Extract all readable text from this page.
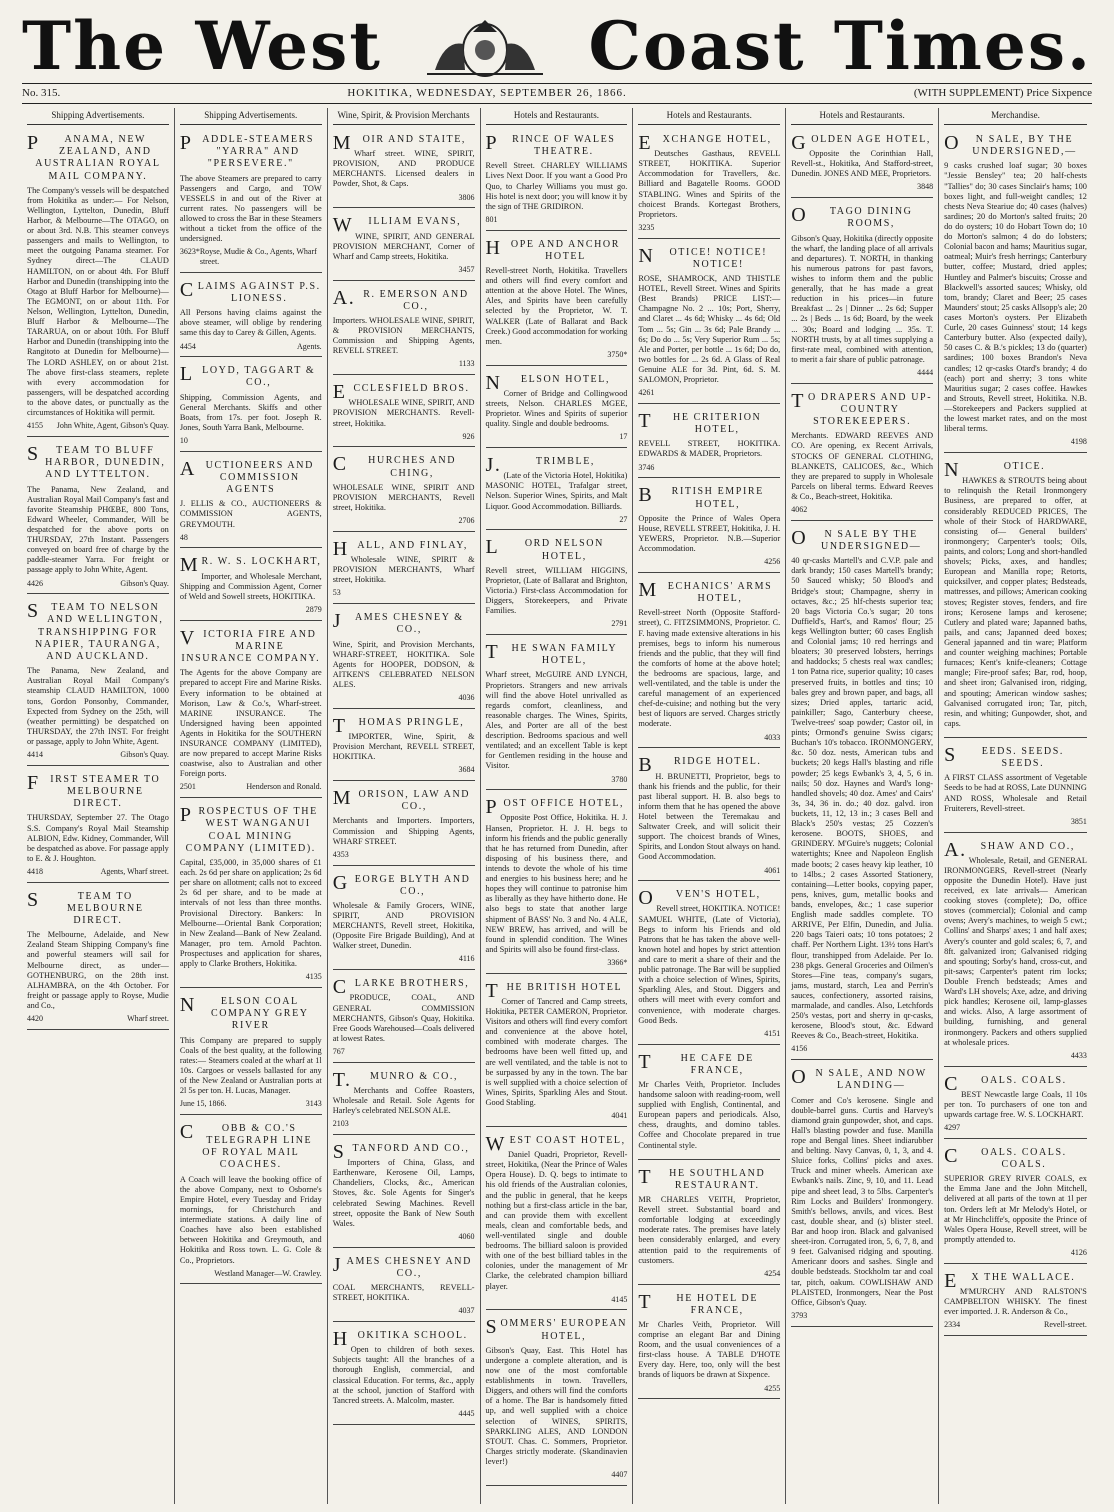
The West	Coast Times.
No. 315.	HOKITIKA, WEDNESDAY, SEPTEMBER 26, 1866.	(WITH SUPPLEMENT) Price Sixpence
Shipping Advertisements.
PANAMA, NEW ZEALAND, AND AUSTRALIAN ROYAL MAIL COMPANY.
The Company's vessels will be despatched from Hokitika as under:— For Nelson, Wellington, Lyttelton, Dunedin, Bluff Harbor, & Melbourne—The OTAGO, on or about 3rd. N.B. This steamer conveys passengers and mails to Wellington, to meet the outgoing Panama steamer. For Sydney direct—The CLAUD HAMILTON, on or about 4th. For Bluff Harbor and Dunedin (transhipping into the Otago at Bluff Harbor for Melbourne)—The EGMONT, on or about 11th. For Nelson, Wellington, Lyttelton, Dunedin, Bluff Harbor & Melbourne—The TARARUA, on or about 10th. For Bluff Harbor and Dunedin (transhipping into the Rangitoto at Dunedin for Melbourne)—The LORD ASHLEY, on or about 21st. The above first-class steamers, replete with every accommodation for passengers, will be despatched according to the above dates, or punctually as the circumstances of Hokitika will permit.
4155 John White, Agent, Gibson's Quay.
STEAM TO BLUFF HARBOR, DUNEDIN, AND LYTTELTON.
The Panama, New Zealand, and Australian Royal Mail Company's fast and favorite Steamship PHŒBE, 800 Tons, Edward Wheeler, Commander, Will be despatched for the above ports on THURSDAY, 27th Instant. Passengers conveyed on board free of charge by the paddle-steamer Yarra. For freight or passage apply to John White, Agent.
4426	Gibson's Quay.
STEAM TO NELSON AND WELLINGTON, TRANSHIPPING FOR NAPIER, TAURANGA, AND AUCKLAND.
The Panama, New Zealand, and Australian Royal Mail Company's steamship CLAUD HAMILTON, 1000 tons, Gordon Ponsonby, Commander, Expected from Sydney on the 25th, will (weather permitting) be despatched on THURSDAY, the 27th INST. For freight or passage, apply to John White, Agent.
4414	Gibson's Quay.
FIRST STEAMER TO MELBOURNE DIRECT.
THURSDAY, September 27. The Otago S.S. Company's Royal Mail Steamship ALBION, Edw. Kidney, Commander, Will be despatched as above. For passage apply to E. & J. Houghton.
4418	Agents, Wharf street.
STEAM TO MELBOURNE DIRECT.
The Melbourne, Adelaide, and New Zealand Steam Shipping Company's fine and powerful steamers will sail for Melbourne direct, as under— GOTHENBURG, on the 28th inst. ALHAMBRA, on the 4th October. For freight or passage apply to Royse, Mudie and Co.,
4420	Wharf street.
Shipping Advertisements.
PADDLE-STEAMERS "YARRA" AND "PERSEVERE."
The above Steamers are prepared to carry Passengers and Cargo, and TOW VESSELS in and out of the River at current rates. No passengers will be allowed to cross the Bar in these Steamers without a ticket from the office of the undersigned.
3623* Royse, Mudie & Co., Agents, Wharf street.
CLAIMS AGAINST P.S. LIONESS.
All Persons having claims against the above steamer, will oblige by rendering same this day to Carey & Gillen, Agents.
4454	Agents.
LLOYD, TAGGART & CO.,
Shipping, Commission Agents, and General Merchants. Skiffs and other Boats, from 17s. per foot. Joseph R. Jones, South Yarra Bank, Melbourne.
10
AUCTIONEERS AND COMMISSION AGENTS
J. ELLIS & CO., AUCTIONEERS & COMMISSION AGENTS, GREYMOUTH.
48
MR. W. S. LOCKHART,
Importer, and Wholesale Merchant, Shipping and Commission Agent, Corner of Weld and Sowell streets, HOKITIKA.
2879
VICTORIA FIRE AND MARINE INSURANCE COMPANY.
The Agents for the above Company are prepared to accept Fire and Marine Risks. Every information to be obtained at Morison, Law & Co.'s, Wharf-street. MARINE INSURANCE. The Undersigned having been appointed Agents in Hokitika for the SOUTHERN INSURANCE COMPANY (LIMITED), are now prepared to accept Marine Risks coastwise, also to Australian and other Foreign ports.
2501	Henderson and Ronald.
PROSPECTUS OF THE WEST WANGANUI COAL MINING COMPANY (LIMITED).
Capital, £35,000, in 35,000 shares of £1 each. 2s 6d per share on application; 2s 6d per share on allotment; calls not to exceed 2s 6d per share, and to be made at intervals of not less than three months. Provisional Directory. Bankers: In Melbourne—Oriental Bank Corporation; in New Zealand—Bank of New Zealand. Manager, pro tem. Arnold Pachton. Prospectuses and application for shares, apply to Clarke Brothers, Hokitika.
4135
NELSON COAL COMPANY GREY RIVER
This Company are prepared to supply Coals of the best quality, at the following rates:— Steamers coaled at the wharf at 1l 10s. Cargoes or vessels ballasted for any of the New Zealand or Australian ports at 2l 5s per ton. H. Lucas, Manager.
June 15, 1866.	3143
COBB & CO.'S TELEGRAPH LINE OF ROYAL MAIL COACHES.
A Coach will leave the booking office of the above Company, next to Osborne's Empire Hotel, every Tuesday and Friday mornings, for Christchurch and intermediate stations. A daily line of Coaches have also been established between Hokitika and Greymouth, and Hokitika and Ross town. L. G. Cole & Co., Proprietors.
Westland Manager—W. Crawley.
Wine, Spirit, & Provision Merchants
MOIR AND STAITE,
Wharf street. WINE, SPIRIT, PROVISION, AND PRODUCE MERCHANTS. Licensed dealers in Powder, Shot, & Caps.
3806
WILLIAM EVANS,
WINE, SPIRIT, AND GENERAL PROVISION MERCHANT, Corner of Wharf and Camp streets, Hokitika.
3457
A.R. EMERSON AND CO.,
Importers. WHOLESALE WINE, SPIRIT, & PROVISION MERCHANTS, Commission and Shipping Agents, REVELL STREET.
1133
ECCLESFIELD BROS.
WHOLESALE WINE, SPIRIT, AND PROVISION MERCHANTS. Revell-street, Hokitika.
926
CHURCHES AND CHING,
WHOLESALE WINE, SPIRIT AND PROVISION MERCHANTS, Revell street, Hokitika.
2706
HALL, AND FINLAY,
Wholesale WINE, SPIRIT & PROVISION MERCHANTS, Wharf street, Hokitika.
53
JAMES CHESNEY & CO.,
Wine, Spirit, and Provision Merchants, WHARF-STREET, HOKITIKA. Sole Agents for HOOPER, DODSON, & AITKEN'S CELEBRATED NELSON ALES.
4036
THOMAS PRINGLE,
IMPORTER, Wine, Spirit, & Provision Merchant, REVELL STREET, HOKITIKA.
3684
MORISON, LAW AND CO.,
Merchants and Importers. Importers, Commission and Shipping Agents, WHARF STREET.
4353
GEORGE BLYTH AND CO.,
Wholesale & Family Grocers, WINE, SPIRIT, AND PROVISION MERCHANTS, Revell street, Hokitika, (Opposite Fire Brigade Building), And at Walker street, Dunedin.
4116
CLARKE BROTHERS,
PRODUCE, COAL, AND GENERAL COMMISSION MERCHANTS, Gibson's Quay, Hokitika. Free Goods Warehoused—Coals delivered at lowest Rates.
767
T.MUNRO & CO.,
Merchants and Coffee Roasters, Wholesale and Retail. Sole Agents for Harley's celebrated NELSON ALE.
2103
STANFORD AND CO.,
Importers of China, Glass, and Earthenware, Kerosene Oil, Lamps, Chandeliers, Clocks, &c., American Stoves, &c. Sole Agents for Singer's celebrated Sewing Machines. Revell street, opposite the Bank of New South Wales.
4060
JAMES CHESNEY AND CO.,
COAL MERCHANTS, REVELL-STREET, HOKITIKA.
4037
HOKITIKA SCHOOL.
Open to children of both sexes. Subjects taught: All the branches of a thorough English, commercial, and classical Education. For terms, &c., apply at the school, junction of Stafford with Tancred streets. A. Malcolm, master.
4445
Hotels and Restaurants.
PRINCE OF WALES THEATRE.
Revell Street. CHARLEY WILLIAMS Lives Next Door. If you want a Good Pro Quo, to Charley Williams you must go. His hotel is next door; you will know it by the sign of THE GRIDIRON.
801
HOPE AND ANCHOR HOTEL
Revell-street North, Hokitika. Travellers and others will find every comfort and attention at the above Hotel. The Wines, Ales, and Spirits have been carefully selected by the Proprietor, W. T. WALKER (Late of Ballarat and Back Creek.) Good accommodation for working men.
3750*
NELSON HOTEL,
Corner of Bridge and Collingwood streets, Nelson. CHARLES MGEE, Proprietor. Wines and Spirits of superior quality. Single and double bedrooms.
17
J.TRIMBLE,
(Late of the Victoria Hotel, Hokitika) MASONIC HOTEL, Trafalgar street, Nelson. Superior Wines, Spirits, and Malt Liquor. Good Accommodation. Billiards.
27
LORD NELSON HOTEL,
Revell street, WILLIAM HIGGINS, Proprietor, (Late of Ballarat and Brighton, Victoria.) First-class Accommodation for Diggers, Storekeepers, and Private Families.
2791
THE SWAN FAMILY HOTEL,
Wharf street, McGUIRE AND LYNCH, Proprietors. Strangers and new arrivals will find the above Hotel unrivalled as regards comfort, cleanliness, and reasonable charges. The Wines, Spirits, Ales, and Porter are all of the best description. Bedrooms spacious and well ventilated; and an excellent Table is kept for Gentlemen residing in the house and Visitor.
3780
POST OFFICE HOTEL,
Opposite Post Office, Hokitika. H. J. Hansen, Proprietor. H. J. H. begs to inform his friends and the public generally that he has returned from Dunedin, after disposing of his business there, and intends to devote the whole of his time and energies to his business here; and he hopes they will continue to patronise him as liberally as they have hitherto done. He also begs to state that another large shipment of BASS' No. 3 and No. 4 ALE, NEW BREW, has arrived, and will be found in splendid condition. The Wines and Spirits will also be found first-class.
3366*
THE BRITISH HOTEL
Corner of Tancred and Camp streets, Hokitika, PETER CAMERON, Proprietor. Visitors and others will find every comfort and convenience at the above hotel, combined with moderate charges. The bedrooms have been well fitted up, and are well ventilated, and the table is not to be surpassed by any in the town. The bar is well supplied with a choice selection of Wines, Spirits, Sparkling Ales and Stout. Good Stabling.
4041
WEST COAST HOTEL,
Daniel Quadri, Proprietor, Revell-street, Hokitika, (Near the Prince of Wales Opera House). D. Q. begs to intimate to his old friends of the Australian colonies, and the public in general, that he keeps nothing but a first-class article in the bar, and can provide them with excellent meals, clean and comfortable beds, and well-ventilated single and double bedrooms. The billiard saloon is provided with one of the best billiard tables in the colonies, under the management of Mr Clarke, the celebrated champion billiard player.
4145
SOMMERS' EUROPEAN HOTEL,
Gibson's Quay, East. This Hotel has undergone a complete alteration, and is now one of the most comfortable establishments in town. Travellers, Diggers, and others will find the comforts of a home. The Bar is handsomely fitted up, and well supplied with a choice selection of WINES, SPIRITS, SPARKLING ALES, AND LONDON STOUT. Chas. C. Sommers, Proprietor. Charges strictly moderate. (Skandinavien lever!)
4407
Hotels and Restaurants.
EXCHANGE HOTEL,
Deutsches Gasthaus, REVELL STREET, HOKITIKA. Superior Accommodation for Travellers, &c. Billiard and Bagatelle Rooms. GOOD STABLING. Wines and Spirits of the choicest Brands. Kortegast Brothers, Proprietors.
3235
NOTICE! NOTICE! NOTICE!
ROSE, SHAMROCK, AND THISTLE HOTEL, Revell Street. Wines and Spirits (Best Brands) PRICE LIST:— Champagne No. 2 ... 10s; Port, Sherry, and Claret ... 4s 6d; Whisky ... 4s 6d; Old Tom ... 5s; Gin ... 3s 6d; Pale Brandy ... 6s; Do do ... 5s; Very Superior Rum ... 5s; Ale and Porter, per bottle ... 1s 6d; Do do, two bottles for ... 2s 6d. A Glass of Real Genuine ALE for 3d. Pint, 6d. S. M. SALOMON, Proprietor.
4261
THE CRITERION HOTEL,
REVELL STREET, HOKITIKA. EDWARDS & MADER, Proprietors.
3746
BRITISH EMPIRE HOTEL,
Opposite the Prince of Wales Opera House, REVELL STREET, Hokitika, J. H. YEWERS, Proprietor. N.B.—Superior Accommodation.
4256
MECHANICS' ARMS HOTEL,
Revell-street North (Opposite Stafford-street), C. FITZSIMMONS, Proprietor. C. F. having made extensive alterations in his premises, begs to inform his numerous friends and the public, that they will find the comforts of home at the above hotel; the bedrooms are spacious, large, and well-ventilated, and the table is under the careful management of an experienced chef-de-cuisine; and nothing but the very best of liquors are served. Charges strictly moderate.
4033
BRIDGE HOTEL.
H. BRUNETTI, Proprietor, begs to thank his friends and the public, for their past liberal support. H. B. also begs to inform them that he has opened the above Hotel between the Teremakau and Saltwater Creek, and will solicit their support. The choicest brands of Wines, Spirits, and London Stout always on hand. Good Accommodation.
4061
OVEN'S HOTEL,
Revell street, HOKITIKA. NOTICE! SAMUEL WHITE, (Late of Victoria), Begs to inform his Friends and old Patrons that he has taken the above well-known hotel and hopes by strict attention and care to merit a share of their and the public patronage. The Bar will be supplied with a choice selection of Wines, Spirits, Sparkling Ales, and Stout. Diggers and others will meet with every comfort and convenience, with moderate charges. Good Beds.
4151
THE CAFE DE FRANCE,
Mr Charles Veith, Proprietor. Includes handsome saloon with reading-room, well supplied with English, Continental, and European papers and periodicals. Also, chess, draughts, and domino tables. Coffee and Chocolate prepared in true Continental style.
THE SOUTHLAND RESTAURANT.
MR CHARLES VEITH, Proprietor, Revell street. Substantial board and comfortable lodging at exceedingly moderate rates. The premises have lately been considerably enlarged, and every attention paid to the requirements of customers.
4254
THE HOTEL DE FRANCE,
Mr Charles Veith, Proprietor. Will comprise an elegant Bar and Dining Room, and the usual conveniences of a first-class house. A TABLE D'HOTE Every day. Here, too, only will the best brands of liquors be drawn at Sixpence.
4255
Hotels and Restaurants.
GOLDEN AGE HOTEL,
Opposite the Corinthian Hall, Revell-st., Hokitika, And Stafford-street, Dunedin. JONES AND MEE, Proprietors.
3848
OTAGO DINING ROOMS,
Gibson's Quay, Hokitika (directly opposite the wharf, the landing place of all arrivals and departures). T. NORTH, in thanking his numerous patrons for past favors, wishes to inform them and the public generally, that he has made a great reduction in his prices—in future Breakfast ... 2s | Dinner ... 2s 6d; Supper ... 2s | Beds ... 1s 6d; Board, by the week ... 30s; Board and lodging ... 35s. T. NORTH trusts, by at all times supplying a first-rate meal, combined with attention, to merit a fair share of public patronage.
4444
TO DRAPERS AND UP-COUNTRY STOREKEEPERS.
Merchants. EDWARD REEVES AND CO. Are opening, ex Recent Arrivals, STOCKS OF GENERAL CLOTHING, BLANKETS, CALICOES, &c., Which they are prepared to supply in Wholesale Parcels on liberal terms. Edward Reeves & Co., Beach-street, Hokitika.
4062
ON SALE BY THE UNDERSIGNED—
40 qr-casks Martell's and C.V.P. pale and dark brandy; 150 cases Martell's brandy; 50 Sauced whisky; 50 Blood's and Bridge's stout; Champagne, sherry in octaves, &c.; 25 hlf-chests superior tea; 20 bags Victoria Co.'s sugar; 20 tons Duffield's, Hart's, and Ramos' flour; 25 kegs Wellington butter; 60 cases English and Colonial jams; 10 red herrings and bloaters; 30 preserved lobsters, herrings and haddocks; 5 chests real wax candles; 1 ton Patna rice, superior quality; 10 cases preserved fruits, in bottles and tins; 10 bales grey and brown paper, and bags, all sizes; Dried apples, tartaric acid, painkiller; Sago, Canterbury cheese, Twelve-trees' soap powder; Castor oil, in pints; Ormond's genuine Swiss cigars; Buchan's 10's tobacco. IRONMONGERY, &c. 50 doz. nests, American tubs and buckets; 20 kegs Hall's blasting and rifle powder; 25 kegs Ewbank's 3, 4, 5, 6 in. nails; 50 doz. Haynes and Ward's long-handled shovels; 40 doz. Ames' and Cairs' 3s, 34, 36 in. do.; 40 doz. galvd. iron buckets, 11, 12, 13 in.; 3 cases Bell and Black's 250's vestas; 25 Cozzen's kerosene. BOOTS, SHOES, and GRINDERY. M'Guire's nuggets; Colonial watertights; Knee and Napoleon English made boots; 2 cases heavy kip leather, 10 to 14lbs.; 2 cases Assorted Stationery, containing—Letter books, copying paper, pens, knives, gum, metallic books and bands, envelopes, &c.; 1 case superior English made saddles complete. TO ARRIVE, Per Elfin, Dunedin, and Julia. 220 bags Taieri oats; 10 tons potatoes; 2 chaff. Per Northern Light. 13½ tons Hart's flour, transhipped from Adelaide. Per Io. 238 pkgs. General Groceries and Oilmen's Stores—Fine teas, company's sugars, jams, mustard, starch, Lea and Perrin's sauces, confectionery, assorted raisins, marmalade, and candles. Also, Letchfords 250's vestas, port and sherry in qr-casks, kerosene, Blood's stout, &c. Edward Reeves & Co., Beach-street, Hokitika.
4156
ON SALE, AND NOW LANDING—
Comer and Co's kerosene. Single and double-barrel guns. Curtis and Harvey's diamond grain gunpowder, shot, and caps. Hall's blasting powder and fuse. Manilla rope and Bengal lines. Sheet indiarubber and belting. Navy Canvas, 0, 1, 3, and 4. Sluice forks, Collins' picks and axes. Truck and miner wheels. American axe Ewbank's nails. Zinc, 9, 10, and 11. Lead pipe and sheet lead, 3 to 5lbs. Carpenter's Rim Locks and Builders' Ironmongery. Smith's bellows, anvils, and vices. Best cast, double shear, and (s) blister steel. Bar and hoop iron. Black and galvanised sheet-iron. Corrugated iron, 5, 6, 7, 8, and 9 feet. Galvanised ridging and spouting. Americanr doors and sashes. Single and double bedsteads. Stockholm tar and coal tar, pitch, oakum. COWLISHAW AND PLAISTED, Ironmongers, Near the Post Office, Gibson's Quay.
3793
Merchandise.
ON SALE, BY THE UNDERSIGNED,—
9 casks crushed loaf sugar; 30 boxes "Jessie Bensley" tea; 20 half-chests "Tallies" do; 30 cases Sinclair's hams; 100 boxes light, and full-weight candles; 12 chests Neva Steariue do; 40 cases (halves) sardines; 20 do Morton's salted fruits; 20 do do oysters; 10 do Hobart Town do; 10 do Morton's salmon; 4 do do lobsters; Colonial bacon and hams; Mauritius sugar, oatmeal; Muir's fresh herrings; Canterbury butter, coffee; Mustard, dried apples; Huntley and Palmer's biscuits; Crosse and Blackwell's assorted sauces; Whisky, old tom, brandy; Claret and Beer; 25 cases Maunders' stout; 25 casks Allsopp's ale; 20 cases Morton's oysters. Per Elizabeth Curle, 20 cases Guinness' stout; 14 kegs Canterbury butter. Also (expected daily), 50 cases C. & B.'s pickles; 13 do (quarter) sardines; 100 boxes Brandon's Neva candles; 12 qr-casks Otard's brandy; 4 do (each) port and sherry; 3 tons white Mauritius sugar; 2 cases coffee. Hawkes and Strouts, Revell street, Hokitika. N.B.—Storekeepers and Packers supplied at the lowest market rates, and on the most liberal terms.
4198
NOTICE.
HAWKES & STROUTS being about to relinquish the Retail Ironmongery Business, are prepared to offer, at considerably REDUCED PRICES, The whole of their Stock of HARDWARE, consisting of— General builders' ironmongery; Carpenter's tools; Oils, paints, and colors; Long and short-handled shovels; Picks, axes, and handles; European and Manilla rope; Retorts, quicksilver, and copper plates; Bedsteads, mattresses, and pillows; American cooking stoves; Register stoves, fenders, and fire irons; Kerosene lamps and kerosene; Cutlery and plated ware; Japanned baths, pails, and cans; Japanned deed boxes; General japanned and tin ware; Platform and counter weighing machines; Portable furnaces; Kent's knife-cleaners; Cottage mangle; Fire-proof safes; Bar, rod, hoop, and sheet iron; Galvanised iron, ridging, and spouting; American window sashes; Galvanised corrugated iron; Tar, pitch, resin, and whiting; Gunpowder, shot, and caps.
SEEDS. SEEDS. SEEDS.
A FIRST CLASS assortment of Vegetable Seeds to be had at ROSS, Late DUNNING AND ROSS, Wholesale and Retail Fruiterers, Revell-street.
3851
A.SHAW AND CO.,
Wholesale, Retail, and GENERAL IRONMONGERS, Revell-street (Nearly opposite the Dunedin Hotel). Have just received, ex late arrivals— American cooking stoves (complete); Do, office stoves (commercial); Colonial and camp ovens; Avery's machines, to weigh 5 cwt.; Collins' and Sharps' axes; 1 and half axes; Avery's counter and gold scales; 6, 7, and 8ft. galvanized iron; Galvanised ridging and spouting; Sorby's hand, cross-cut, and pit-saws; Carpenter's patent rim locks; Double French bedsteads; Ames and Ward's LH shovels; Axe, adze, and driving pick handles; Kerosene oil, lamp-glasses and wicks. Also, A large assortment of building, furnishing, and general ironmongery. Packers and others supplied at wholesale prices.
4433
COALS. COALS.
BEST Newcastle large Coals, 1l 10s per ton. To purchasers of one ton and upwards cartage free. W. S. LOCKHART.
4297
COALS. COALS. COALS.
SUPERIOR GREY RIVER COALS, ex the Emma Jane and the John Mitchell, delivered at all parts of the town at 1l per ton. Orders left at Mr Melody's Hotel, or at Mr Hinchcliffe's, opposite the Prince of Wales Opera House, Revell street, will be promptly attended to.
4126
EX THE WALLACE.
M'MURCHY AND RALSTON'S CAMPBELTON WHISKY. The finest ever imported. J. R. Anderson & Co.,
2334	Revell-street.
